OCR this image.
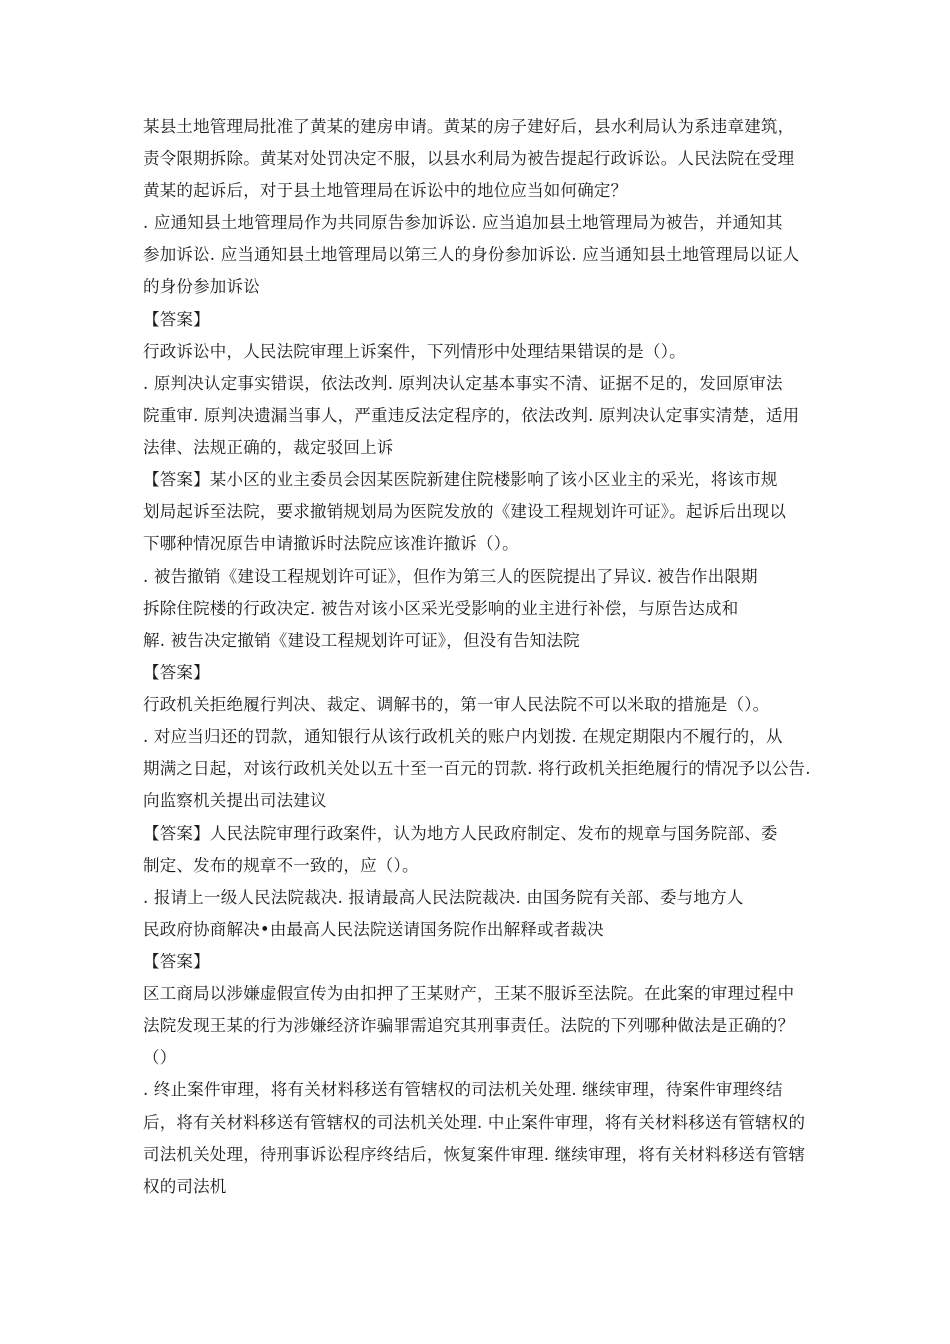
某县土地管理局批准了黄某的建房申请。黄某的房子建好后，县水利局认为系违章建筑，
责令限期拆除。黄某对处罚决定不服，以县水利局为被告提起行政诉讼。人民法院在受理
黄某的起诉后，对于县土地管理局在诉讼中的地位应当如何确定？
. 应通知县土地管理局作为共同原告参加诉讼. 应当追加县土地管理局为被告，并通知其
参加诉讼. 应当通知县土地管理局以第三人的身份参加诉讼. 应当通知县土地管理局以证人
的身份参加诉讼
【答案】
行政诉讼中，人民法院审理上诉案件，下列情形中处理结果错误的是（）。
. 原判决认定事实错误，依法改判. 原判决认定基本事实不清、证据不足的，发回原审法
院重审. 原判决遗漏当事人，严重违反法定程序的，依法改判. 原判决认定事实清楚，适用
法律、法规正确的，裁定驳回上诉
【答案】某小区的业主委员会因某医院新建住院楼影响了该小区业主的采光，将该市规
划局起诉至法院，要求撤销规划局为医院发放的《建设工程规划许可证》。起诉后出现以
下哪种情况原告申请撤诉时法院应该准许撤诉（）。
. 被告撤销《建设工程规划许可证》，但作为第三人的医院提出了异议. 被告作出限期
拆除住院楼的行政决定. 被告对该小区采光受影响的业主进行补偿，与原告达成和
解. 被告决定撤销《建设工程规划许可证》，但没有告知法院
【答案】
行政机关拒绝履行判决、裁定、调解书的，第一审人民法院不可以米取的措施是（）。
. 对应当归还的罚款，通知银行从该行政机关的账户内划拨. 在规定期限内不履行的，从
期满之日起，对该行政机关处以五十至一百元的罚款. 将行政机关拒绝履行的情况予以公告.
向监察机关提出司法建议
【答案】人民法院审理行政案件，认为地方人民政府制定、发布的规章与国务院部、委
制定、发布的规章不一致的，应（）。
. 报请上一级人民法院裁决. 报请最高人民法院裁决. 由国务院有关部、委与地方人
民政府协商解决•由最高人民法院送请国务院作出解释或者裁决
【答案】
区工商局以涉嫌虚假宣传为由扣押了王某财产，王某不服诉至法院。在此案的审理过程中
法院发现王某的行为涉嫌经济诈骗罪需追究其刑事责任。法院的下列哪种做法是正确的？
（）
. 终止案件审理，将有关材料移送有管辖权的司法机关处理. 继续审理，待案件审理终结
后，将有关材料移送有管辖权的司法机关处理. 中止案件审理，将有关材料移送有管辖权的
司法机关处理，待刑事诉讼程序终结后，恢复案件审理. 继续审理，将有关材料移送有管辖
权的司法机
